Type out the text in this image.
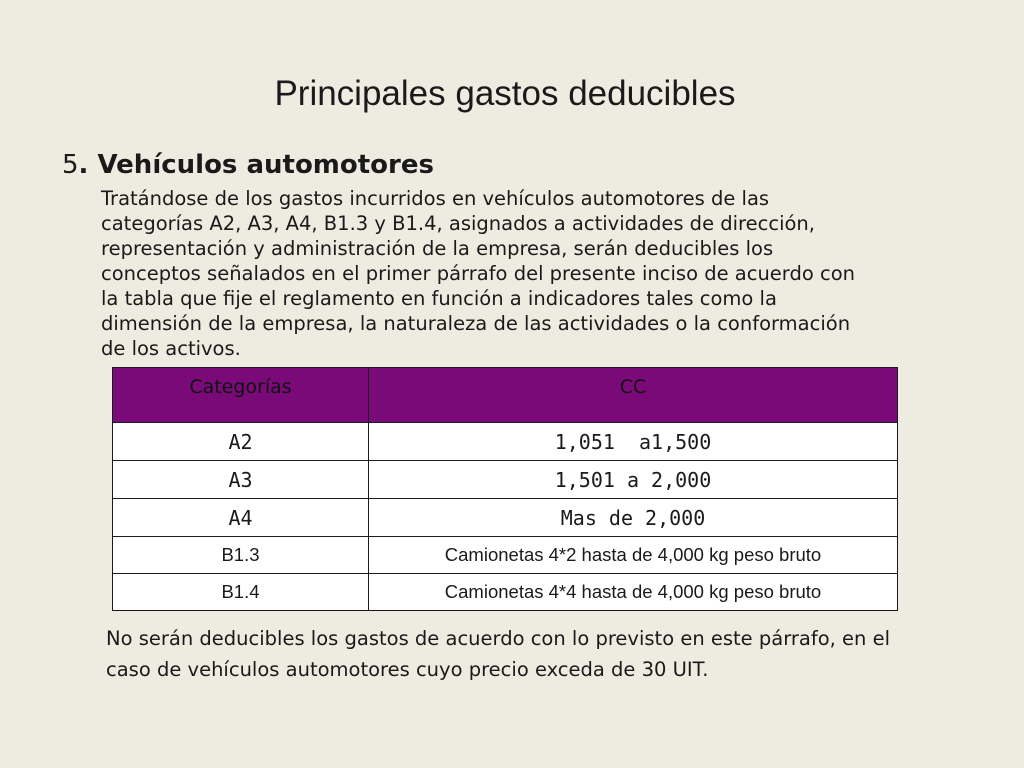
Principales gastos deducibles
5. Vehículos automotores

Tratándose de los gastos incurridos en vehículos automotores de las

categorías A2, A3, A4, B1.3 y B1.4, asignados a actividades de dirección,

representación y administración de la empresa, serán deducibles los

conceptos señalados en el primer párrafo del presente inciso de acuerdo con

la tabla que fije el reglamento en función a indicadores tales como la

dimensión de la empresa, la naturaleza de las actividades o la conformación

de los activos.

Categorías	CC
A2	1,051  a1,500
A3	1,501 a 2,000
A4	Mas de 2,000
B1.3	Camionetas 4*2 hasta de 4,000 kg peso bruto
B1.4	Camionetas 4*4 hasta de 4,000 kg peso bruto

No serán deducibles los gastos de acuerdo con lo previsto en este párrafo, en el

caso de vehículos automotores cuyo precio exceda de 30 UIT.
